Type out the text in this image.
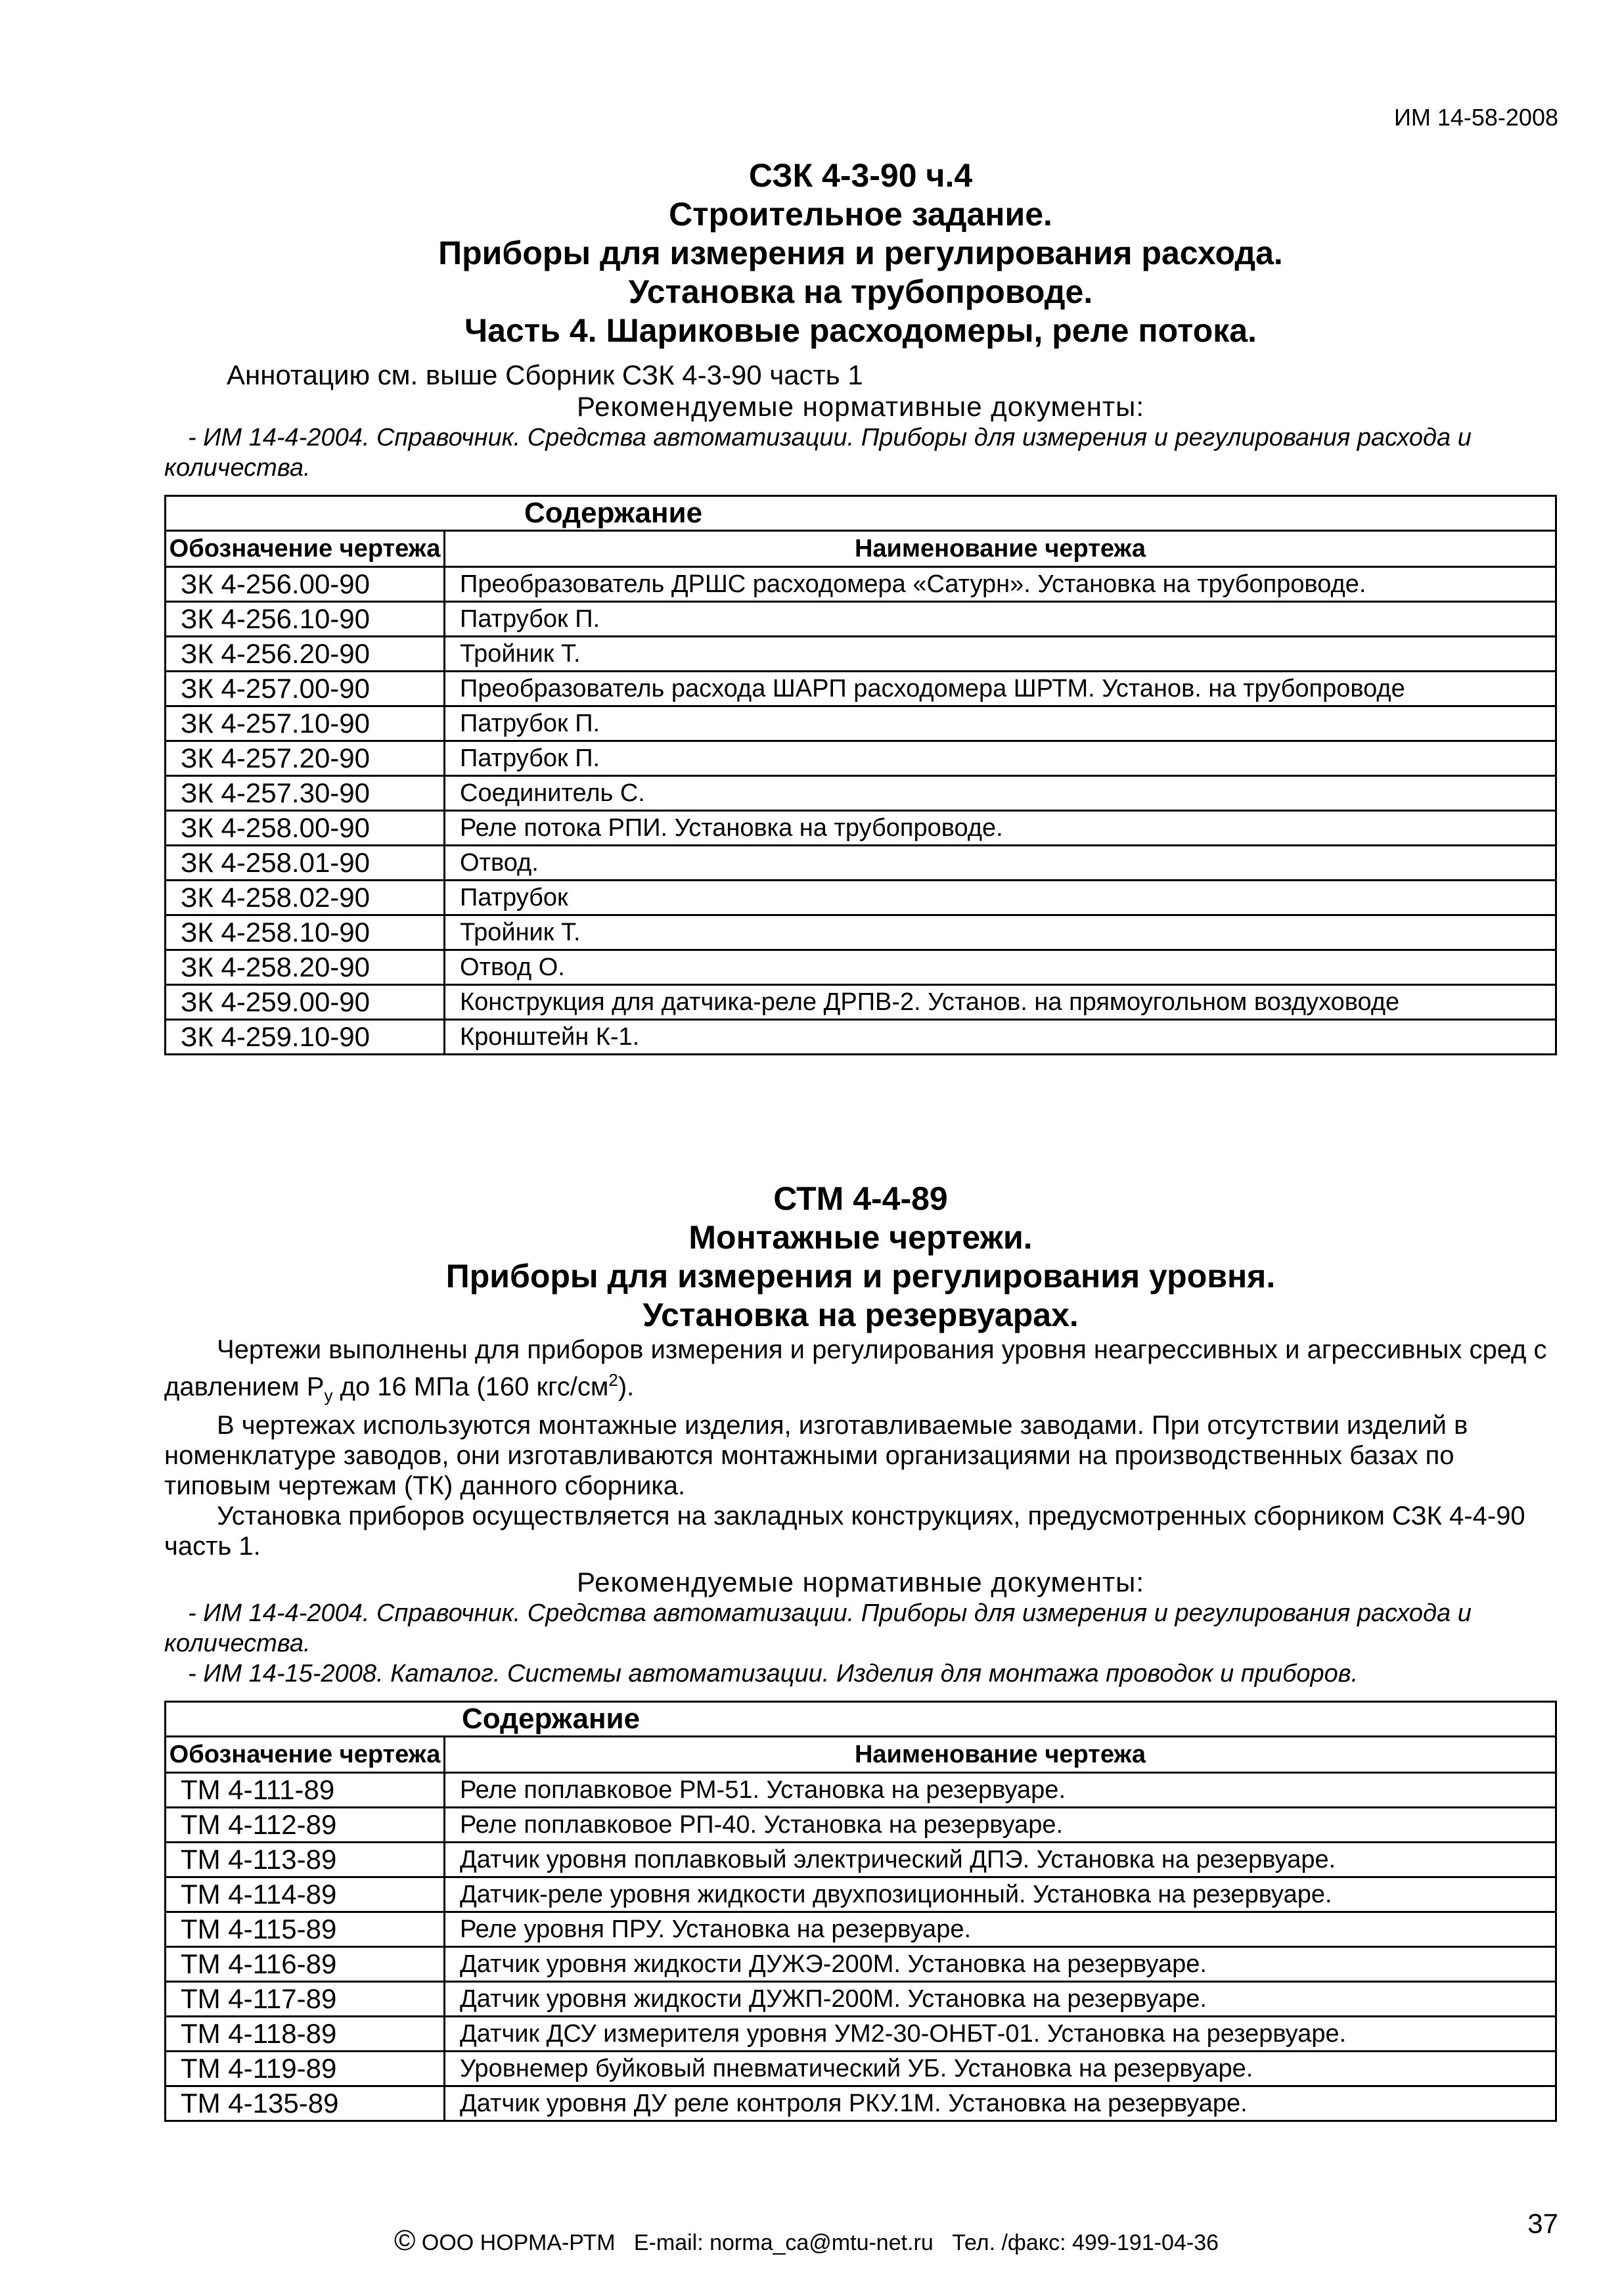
ИМ 14-58-2008
СЗК 4-3-90 ч.4
Строительное задание.
Приборы для измерения и регулирования расхода.
Установка на трубопроводе.
Часть 4. Шариковые расходомеры, реле потока.
Аннотацию см. выше Сборник СЗК 4-3-90 часть 1
Рекомендуемые нормативные документы:
- ИМ 14-4-2004. Справочник. Средства автоматизации. Приборы для измерения и регулирования расхода и количества.
Содержание	
Обозначение чертежа	Наименование чертежа
ЗК 4-256.00-90	Преобразователь ДРШС расходомера «Сатурн». Установка на трубопроводе.
ЗК 4-256.10-90	Патрубок П.
ЗК 4-256.20-90	Тройник Т.
ЗК 4-257.00-90	Преобразователь расхода ШАРП расходомера ШРТМ. Установ. на трубопроводе
ЗК 4-257.10-90	Патрубок П.
ЗК 4-257.20-90	Патрубок П.
ЗК 4-257.30-90	Соединитель С.
ЗК 4-258.00-90	Реле потока РПИ. Установка на трубопроводе.
ЗК 4-258.01-90	Отвод.
ЗК 4-258.02-90	Патрубок
ЗК 4-258.10-90	Тройник Т.
ЗК 4-258.20-90	Отвод О.
ЗК 4-259.00-90	Конструкция для датчика-реле ДРПВ-2. Установ. на прямоугольном воздуховоде
ЗК 4-259.10-90	Кронштейн К-1.
СТМ 4-4-89
Монтажные чертежи.
Приборы для измерения и регулирования уровня.
Установка на резервуарах.
Чертежи выполнены для приборов измерения и регулирования уровня неагрессивных и агрессивных сред с давлением $Р_у$ до 16 МПа (160 кгс/$см^2$).
В чертежах используются монтажные изделия, изготавливаемые заводами. При отсутствии изделий в номенклатуре заводов, они изготавливаются монтажными организациями на производственных базах по типовым чертежам (ТК) данного сборника.
Установка приборов осуществляется на закладных конструкциях, предусмотренных сборником СЗК 4-4-90 часть 1.
Рекомендуемые нормативные документы:
- ИМ 14-4-2004. Справочник. Средства автоматизации. Приборы для измерения и регулирования расхода и количества.
- ИМ 14-15-2008. Каталог. Системы автоматизации. Изделия для монтажа проводок и приборов.
Содержание	
Обозначение чертежа	Наименование чертежа
ТМ 4-111-89	Реле поплавковое РМ-51. Установка на резервуаре.
ТМ 4-112-89	Реле поплавковое РП-40. Установка на резервуаре.
ТМ 4-113-89	Датчик уровня поплавковый электрический ДПЭ. Установка на резервуаре.
ТМ 4-114-89	Датчик-реле уровня жидкости двухпозиционный. Установка на резервуаре.
ТМ 4-115-89	Реле уровня ПРУ. Установка на резервуаре.
ТМ 4-116-89	Датчик уровня жидкости ДУЖЭ-200М. Установка на резервуаре.
ТМ 4-117-89	Датчик уровня жидкости ДУЖП-200М. Установка на резервуаре.
ТМ 4-118-89	Датчик ДСУ измерителя уровня УМ2-30-ОНБТ-01. Установка на резервуаре.
ТМ 4-119-89	Уровнемер буйковый пневматический УБ. Установка на резервуаре.
ТМ 4-135-89	Датчик уровня ДУ реле контроля РКУ.1М. Установка на резервуаре.
© ООО НОРМА-РТМ E-mail: norma_ca@mtu-net.ru Тел. /факс: 499-191-04-36
37
